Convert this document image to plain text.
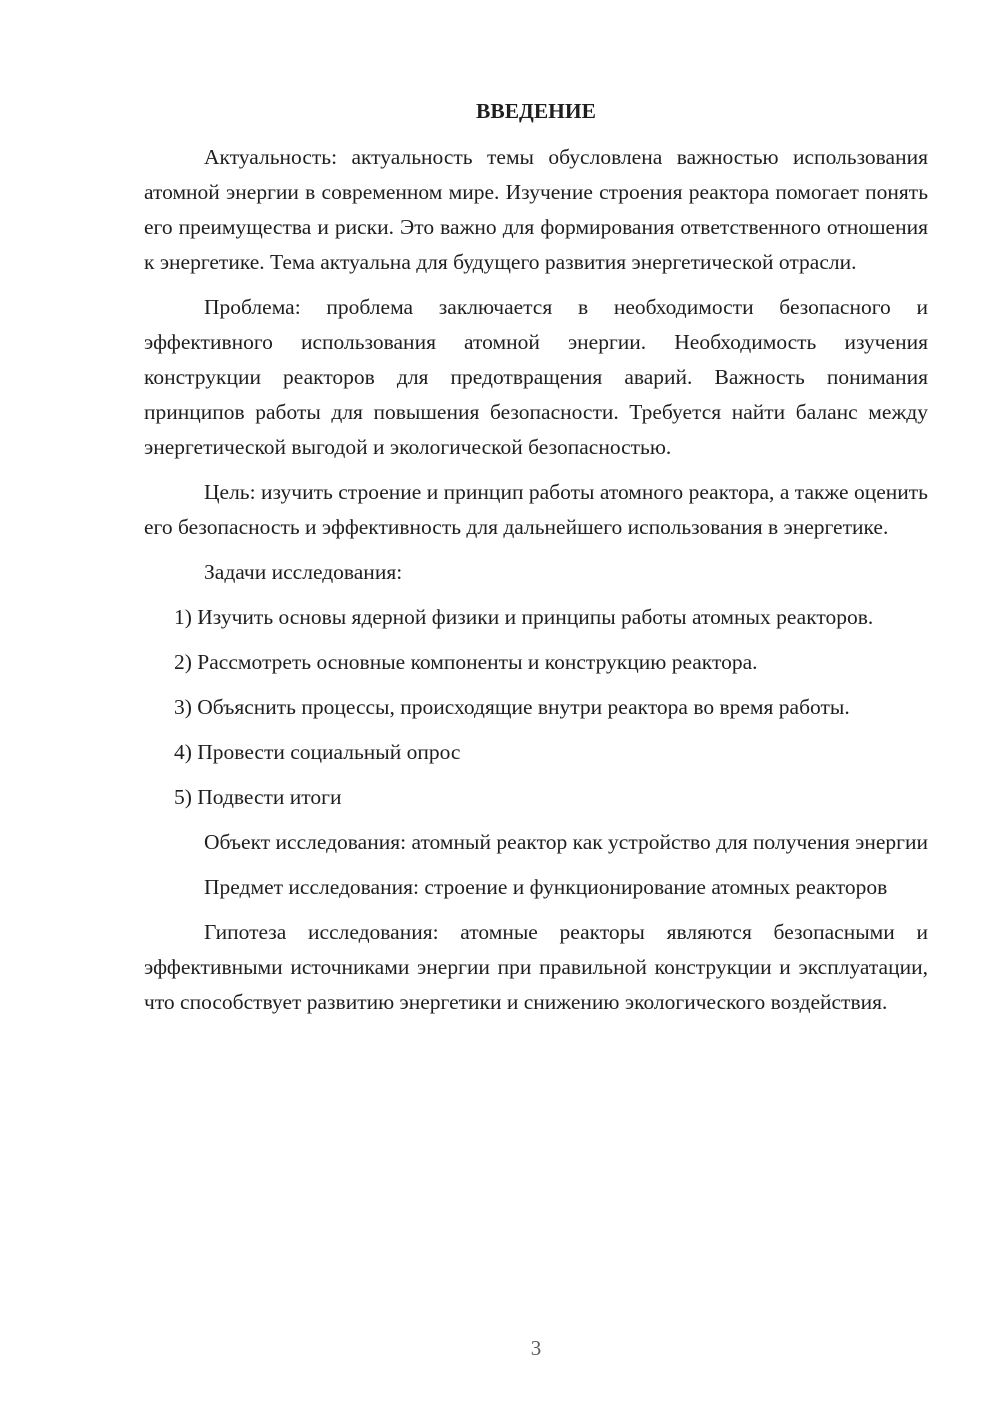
ВВЕДЕНИЕ

Актуальность: актуальность темы обусловлена важностью использования атомной энергии в современном мире. Изучение строения реактора помогает понять его преимущества и риски. Это важно для формирования ответственного отношения к энергетике. Тема актуальна для будущего развития энергетической отрасли.

Проблема: проблема заключается в необходимости безопасного и эффективного использования атомной энергии. Необходимость изучения конструкции реакторов для предотвращения аварий. Важность понимания принципов работы для повышения безопасности. Требуется найти баланс между энергетической выгодой и экологической безопасностью.

Цель: изучить строение и принцип работы атомного реактора, а также оценить его безопасность и эффективность для дальнейшего использования в энергетике.

Задачи исследования:

1) Изучить основы ядерной физики и принципы работы атомных реакторов.

2) Рассмотреть основные компоненты и конструкцию реактора.

3) Объяснить процессы, происходящие внутри реактора во время работы.

4) Провести социальный опрос

5) Подвести итоги

Объект исследования: атомный реактор как устройство для получения энергии

Предмет исследования: строение и функционирование атомных реакторов

Гипотеза исследования: атомные реакторы являются безопасными и эффективными источниками энергии при правильной конструкции и эксплуатации, что способствует развитию энергетики и снижению экологического воздействия.

3
